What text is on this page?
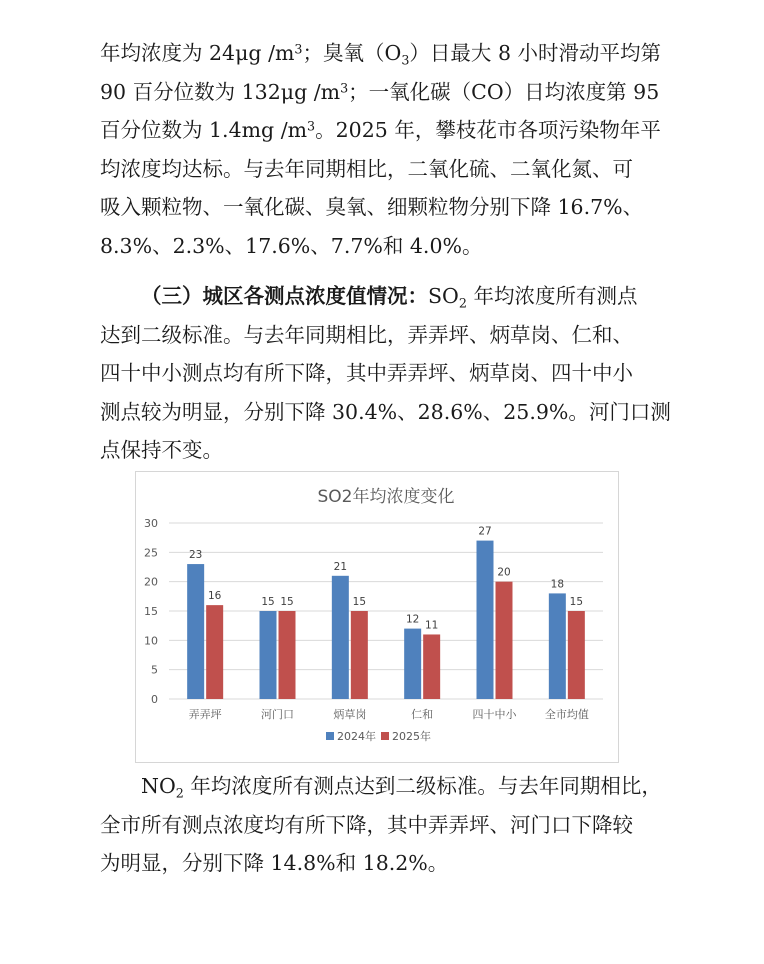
年均浓度为 24μg $/m^3$；臭氧$(O_3)$日最大 8 小时滑动平均第
90 百分位数为 132μg $/m^3$；一氧化碳（CO）日均浓度第 95
百分位数为 1.4mg $/m^3$。2025 年，攀枝花市各项污染物年平
均浓度均达标。与去年同期相比，二氧化硫、二氧化氮、可
吸入颗粒物、一氧化碳、臭氧、细颗粒物分别下降 16.7%、
8.3%、2.3%、17.6%、7.7%和 4.0%。
（三）城区各测点浓度值情况：$SO_2$ 年均浓度所有测点
达到二级标准。与去年同期相比，弄弄坪、炳草岗、仁和、
四十中小测点均有所下降，其中弄弄坪、炳草岗、四十中小
测点较为明显，分别下降 30.4%、28.6%、25.9%。河门口测
点保持不变。
SO2年均浓度变化
0
5
10
15
20
25
30
23
16
弄弄坪
15 15
河门口
21
15
炳草岗
12 11
仁和
27
20
四十中小
18
15
全市均值
2024年 2025年
$NO_2$ 年均浓度所有测点达到二级标准。与去年同期相比，
全市所有测点浓度均有所下降，其中弄弄坪、河门口下降较
为明显，分别下降 14.8%和 18.2%。
